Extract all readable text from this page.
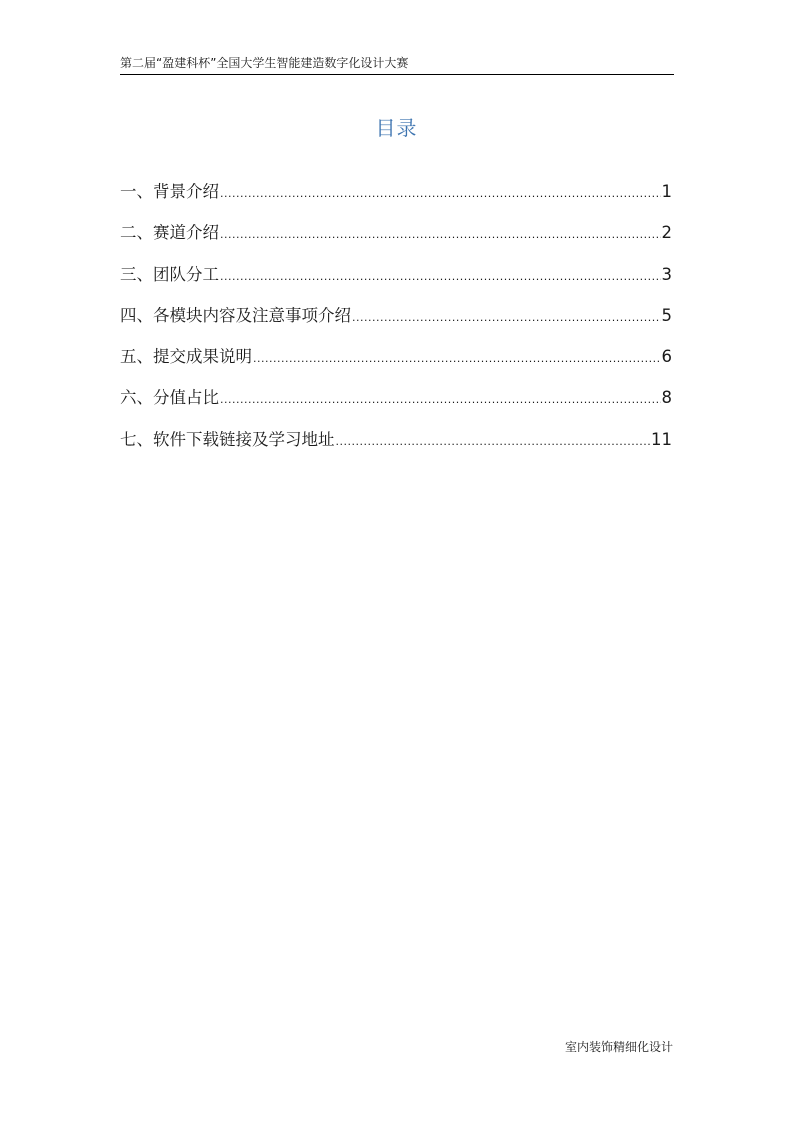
第二届“盈建科杯”全国大学生智能建造数字化设计大赛
目录
一、背景介绍 .....	1
二、赛道介绍 .....	2
三、团队分工 .....	3
四、各模块内容及注意事项介绍 .....	5
五、提交成果说明 .....	6
六、分值占比 .....	8
七、软件下载链接及学习地址 .....	11
室内装饰精细化设计
